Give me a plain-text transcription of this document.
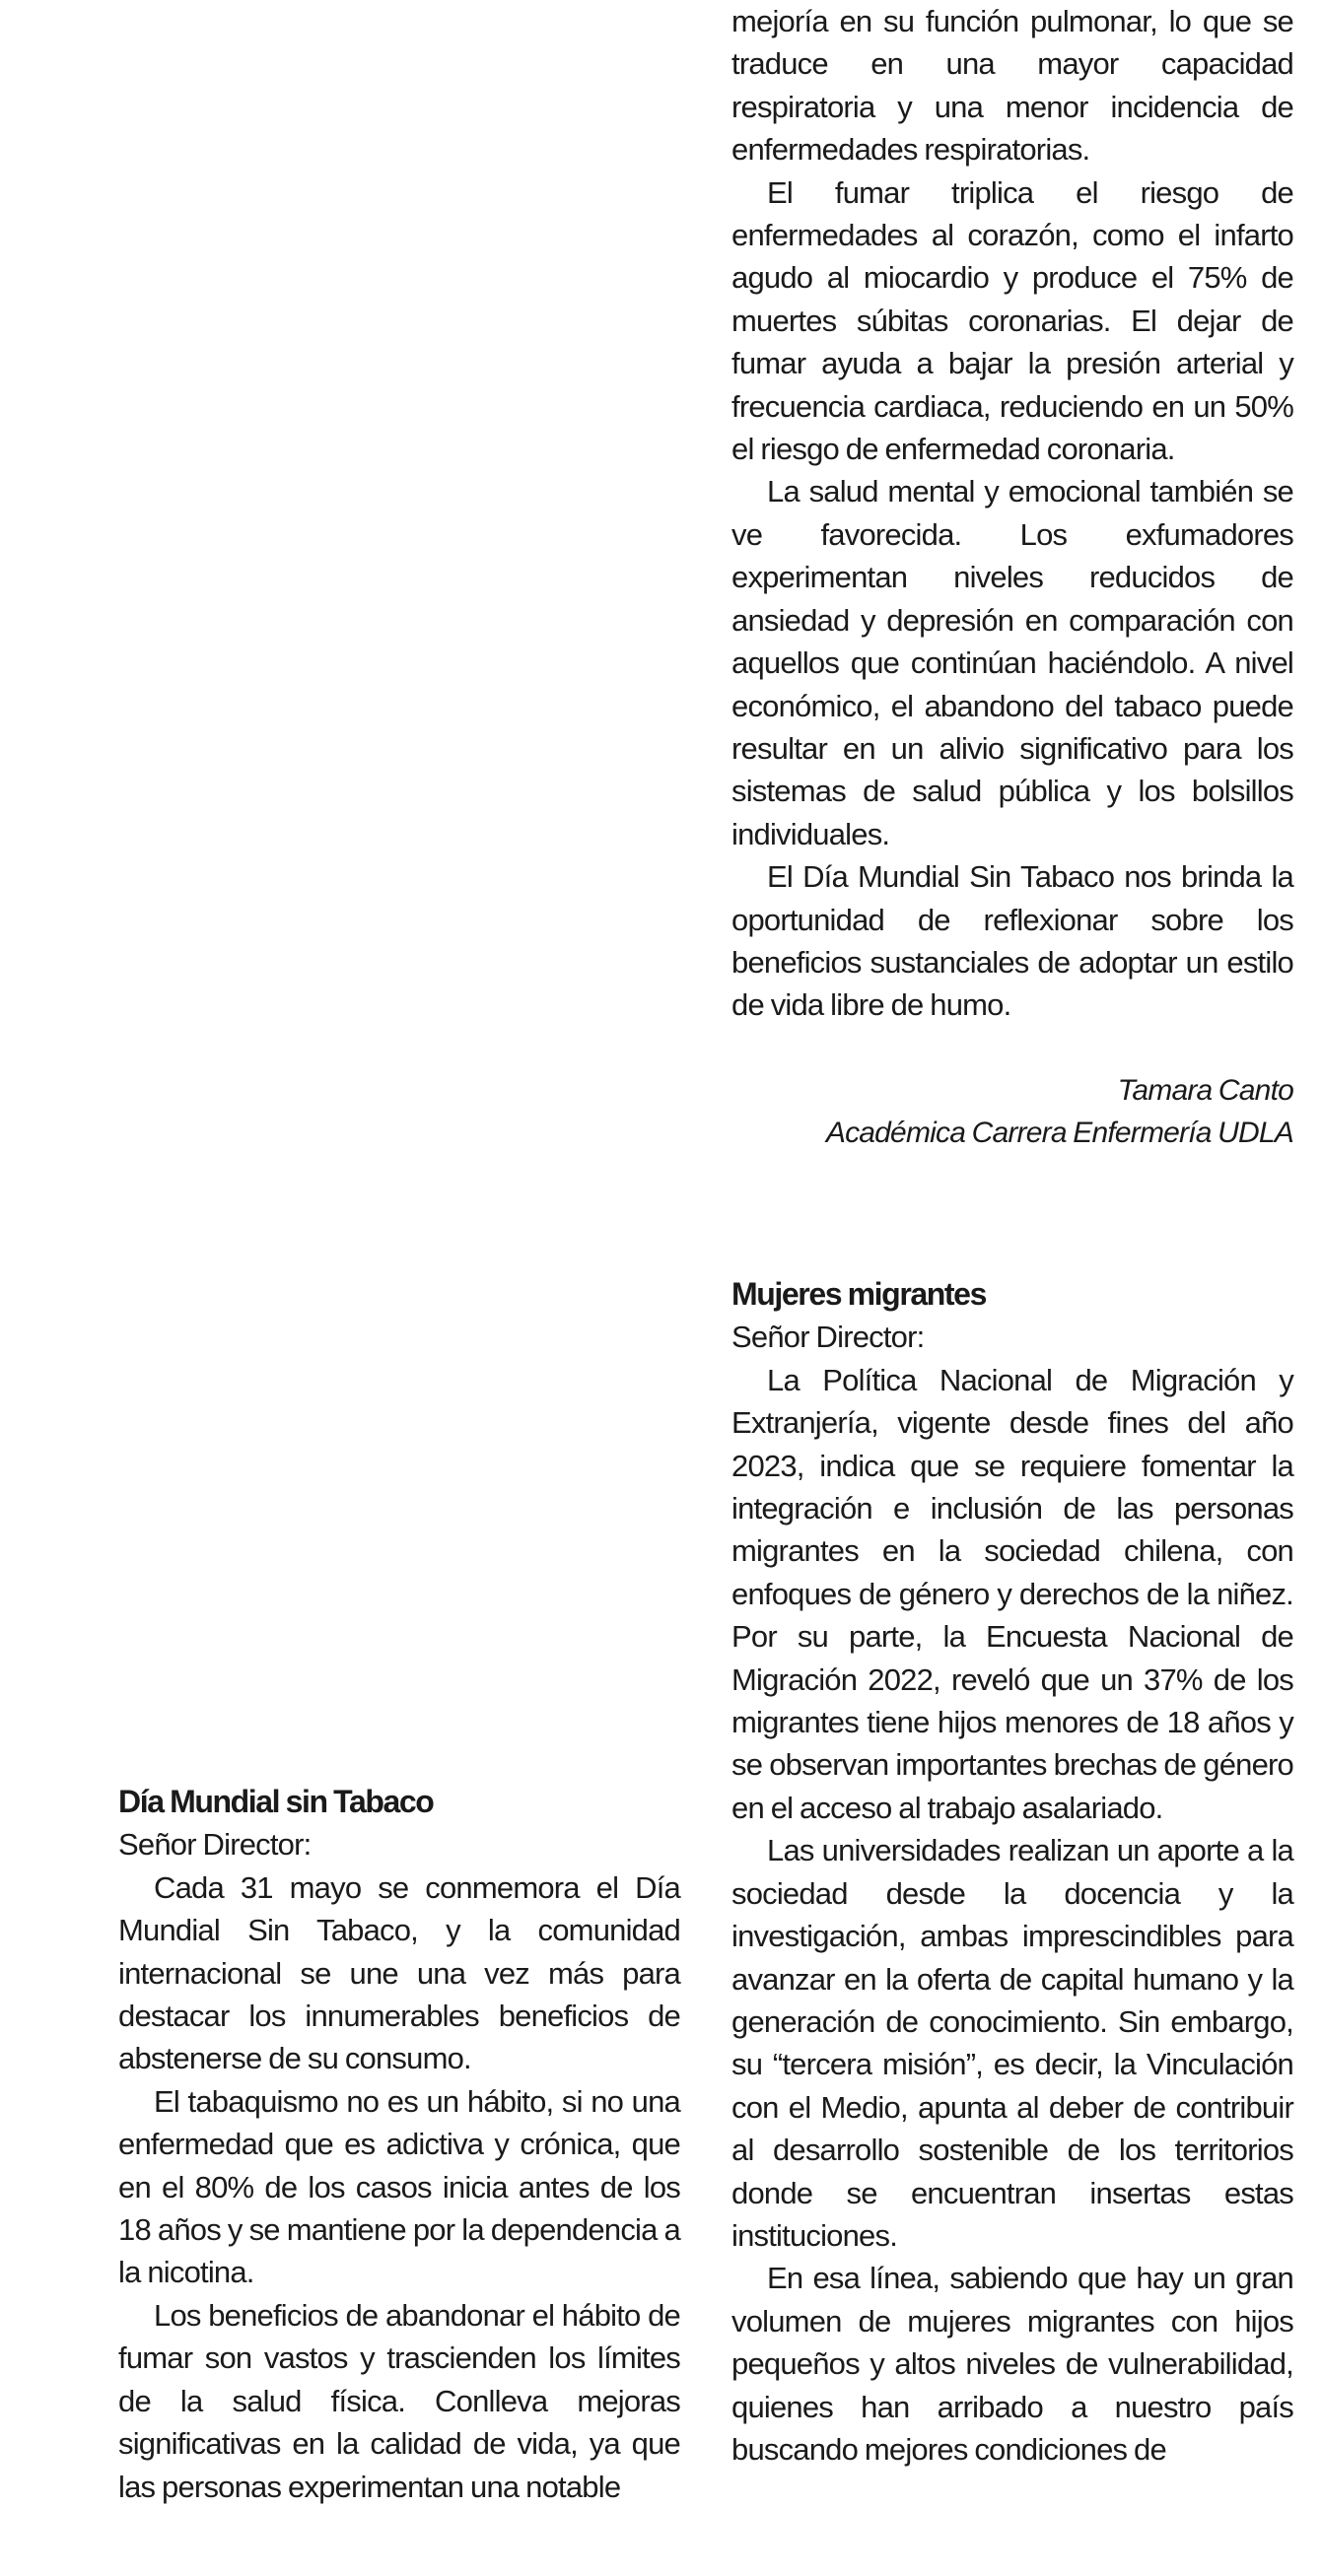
mejoría en su función pulmonar, lo que se traduce en una mayor capacidad respiratoria y una menor incidencia de enfermedades respiratorias.

El fumar triplica el riesgo de enfermedades al corazón, como el infarto agudo al miocardio y produce el 75% de muertes súbitas coronarias. El dejar de fumar ayuda a bajar la presión arterial y frecuencia cardiaca, reduciendo en un 50% el riesgo de enfermedad coronaria.

La salud mental y emocional también se ve favorecida. Los exfumadores experimentan niveles reducidos de ansiedad y depresión en comparación con aquellos que continúan haciéndolo. A nivel económico, el abandono del tabaco puede resultar en un alivio significativo para los sistemas de salud pública y los bolsillos individuales.

El Día Mundial Sin Tabaco nos brinda la oportunidad de reflexionar sobre los beneficios sustanciales de adoptar un estilo de vida libre de humo.

Tamara Canto
Académica Carrera Enfermería UDLA
Mujeres migrantes

Señor Director:

La Política Nacional de Migración y Extranjería, vigente desde fines del año 2023, indica que se requiere fomentar la integración e inclusión de las personas migrantes en la sociedad chilena, con enfoques de género y derechos de la niñez. Por su parte, la Encuesta Nacional de Migración 2022, reveló que un 37% de los migrantes tiene hijos menores de 18 años y se observan importantes brechas de género en el acceso al trabajo asalariado.

Las universidades realizan un aporte a la sociedad desde la docencia y la investigación, ambas imprescindibles para avanzar en la oferta de capital humano y la generación de conocimiento. Sin embargo, su “tercera misión”, es decir, la Vinculación con el Medio, apunta al deber de contribuir al desarrollo sostenible de los territorios donde se encuentran insertas estas instituciones.

En esa línea, sabiendo que hay un gran volumen de mujeres migrantes con hijos pequeños y altos niveles de vulnerabilidad, quienes han arribado a nuestro país buscando mejores condiciones de

Día Mundial sin Tabaco

Señor Director:

Cada 31 mayo se conmemora el Día Mundial Sin Tabaco, y la comunidad internacional se une una vez más para destacar los innumerables beneficios de abstenerse de su consumo.

El tabaquismo no es un hábito, si no una enfermedad que es adictiva y crónica, que en el 80% de los casos inicia antes de los 18 años y se mantiene por la dependencia a la nicotina.

Los beneficios de abandonar el hábito de fumar son vastos y trascienden los límites de la salud física. Conlleva mejoras significativas en la calidad de vida, ya que las personas experimentan una notable
